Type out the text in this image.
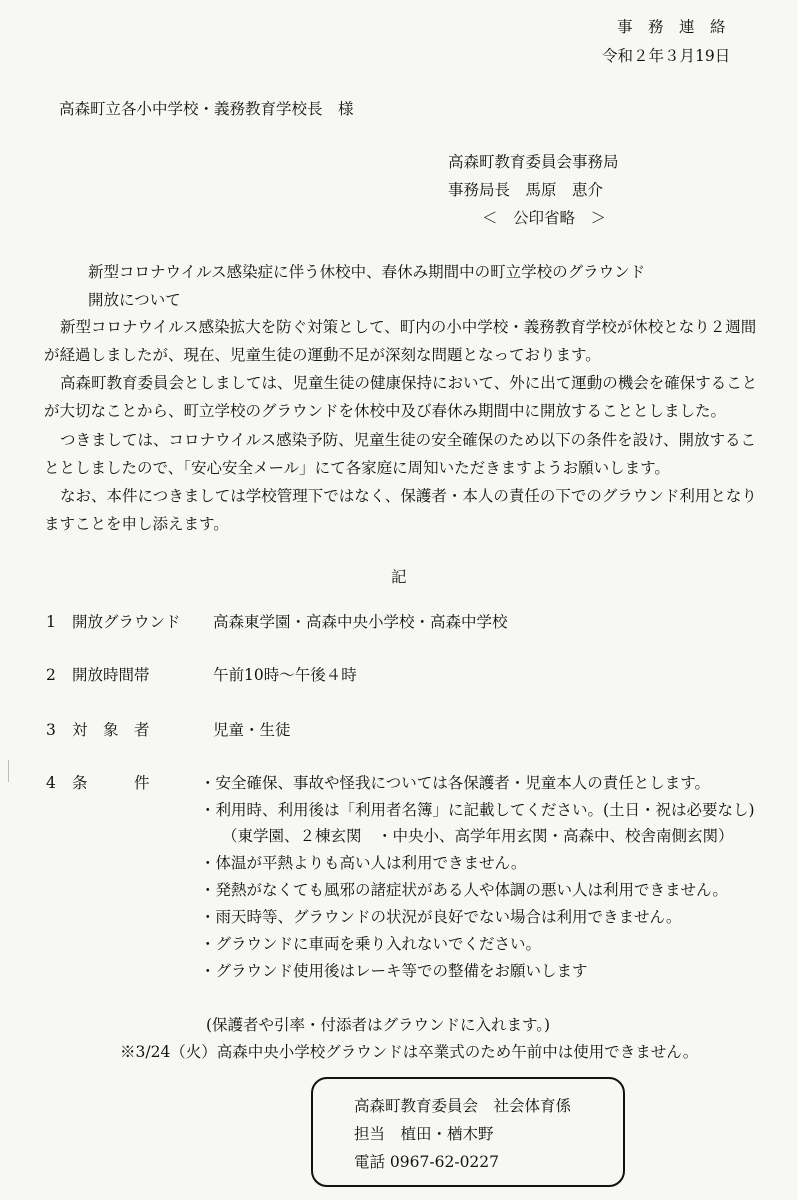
事　務　連　絡
令和２年３月19日
高森町立各小中学校・義務教育学校長　様
高森町教育委員会事務局
事務局長　馬原　恵介
＜　公印省略　＞
新型コロナウイルス感染症に伴う休校中、春休み期間中の町立学校のグラウンド
開放について
新型コロナウイルス感染拡大を防ぐ対策として、町内の小中学校・義務教育学校が休校となり２週間
が経過しましたが、現在、児童生徒の運動不足が深刻な問題となっております。
高森町教育委員会としましては、児童生徒の健康保持において、外に出て運動の機会を確保すること
が大切なことから、町立学校のグラウンドを休校中及び春休み期間中に開放することとしました。
つきましては、コロナウイルス感染予防、児童生徒の安全確保のため以下の条件を設け、開放するこ
ととしましたので、「安心安全メール」にて各家庭に周知いただきますようお願いします。
なお、本件につきましては学校管理下ではなく、保護者・本人の責任の下でのグラウンド利用となり
ますことを申し添えます。
記
1 開放グラウンド 高森東学園・高森中央小学校・高森中学校
2 開放時間帯	午前10時～午後４時
3 対　象　者	児童・生徒
4 条　　　件	・安全確保、事故や怪我については各保護者・児童本人の責任とします。
・利用時、利用後は「利用者名簿」に記載してください。(土日・祝は必要なし)
（東学園、２棟玄関　・中央小、高学年用玄関・高森中、校舎南側玄関）
・体温が平熱よりも高い人は利用できません。
・発熱がなくても風邪の諸症状がある人や体調の悪い人は利用できません。
・雨天時等、グラウンドの状況が良好でない場合は利用できません。
・グラウンドに車両を乗り入れないでください。
・グラウンド使用後はレーキ等での整備をお願いします
(保護者や引率・付添者はグラウンドに入れます。)
※3/24（火）高森中央小学校グラウンドは卒業式のため午前中は使用できません。
高森町教育委員会　社会体育係
担当　植田・楢木野
電話 0967-62-0227
